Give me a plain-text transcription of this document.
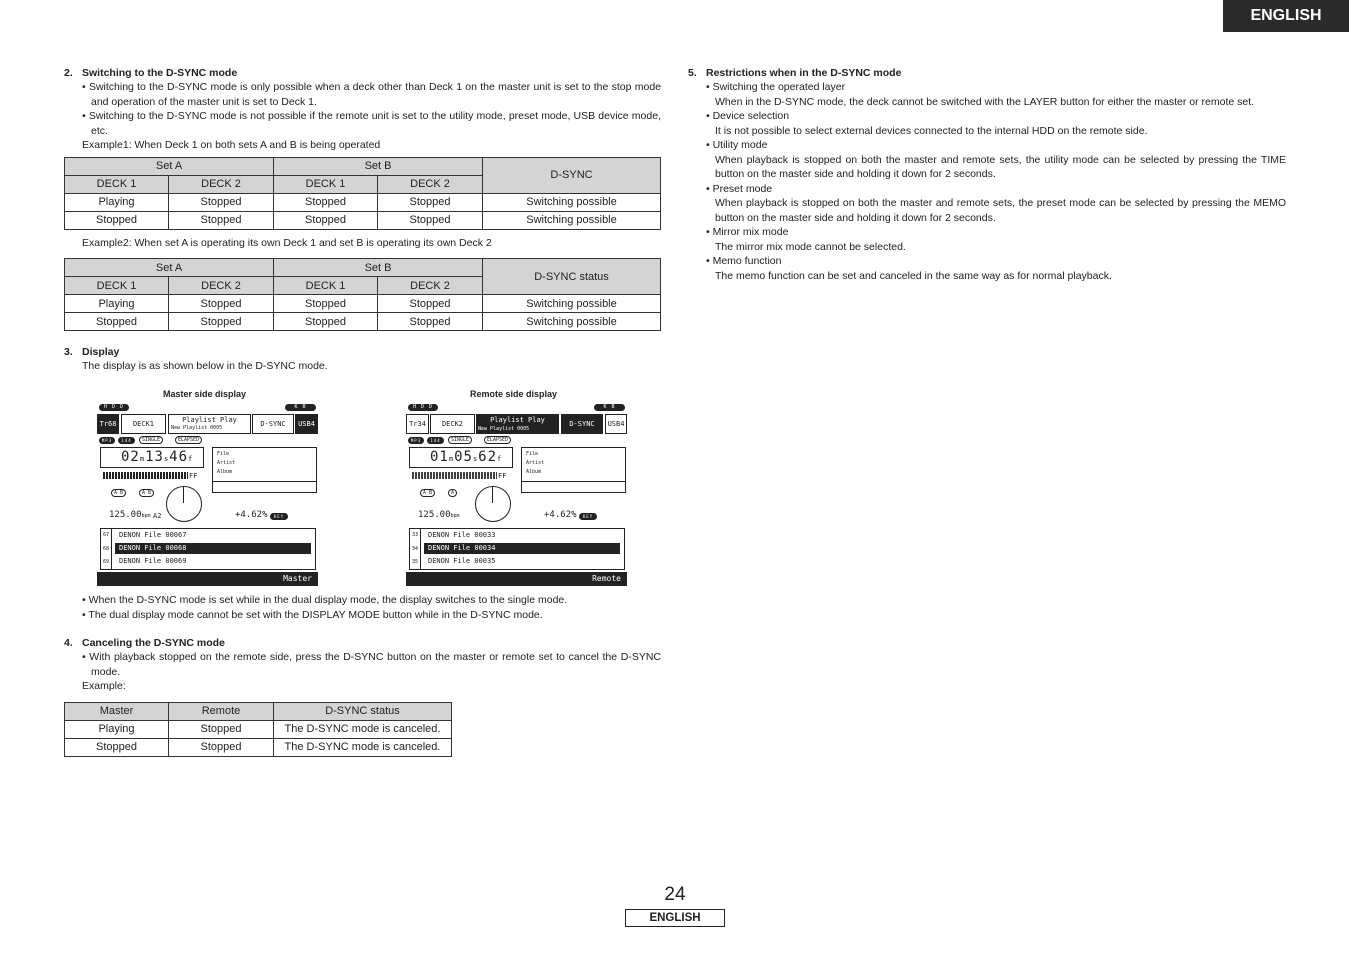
ENGLISH
2. Switching to the D-SYNC mode
• Switching to the D-SYNC mode is only possible when a deck other than Deck 1 on the master unit is set to the stop mode and operation of the master unit is set to Deck 1.
• Switching to the D-SYNC mode is not possible if the remote unit is set to the utility mode, preset mode, USB device mode, etc.
Example1: When Deck 1 on both sets A and B is being operated
Set A		Set B		D-SYNC
DECK 1	DECK 2	DECK 1	DECK 2	
Playing	Stopped	Stopped	Stopped	Switching possible
Stopped	Stopped	Stopped	Stopped	Switching possible
Example2: When set A is operating its own Deck 1 and set B is operating its own Deck 2
Set A		Set B		D-SYNC status
DECK 1	DECK 2	DECK 1	DECK 2	
Playing	Stopped	Stopped	Stopped	Switching possible
Stopped	Stopped	Stopped	Stopped	Switching possible
3. Display
The display is as shown below in the D-SYNC mode.
Master side display	Remote side display
H D D	K B
Tr68	DECK1	Playlist Play
New Playlist 0005	D-SYNC	USB4
MP3	144	SINGLE	ELAPSED
02m13s46f
FF
File
Artist
Album
A B	A B
125.00bpm A2	+4.62%	KEY
67
68
69
DENON File 00067
DENON File 00068
DENON File 00069
Master
H D D	K B
Tr34	DECK2	Playlist Play
New Playlist 0005
D-SYNC	USB4
MP3	144	SINGLE	ELAPSED
01m05s62f
FF
File
Artist
Album
A B	A
125.00bpm	+4.62%	KEY
33
34
35
DENON File 00033
DENON File 00034
DENON File 00035
Remote
• When the D-SYNC mode is set while in the dual display mode, the display switches to the single mode.
• The dual display mode cannot be set with the DISPLAY MODE button while in the D-SYNC mode.
4. Canceling the D-SYNC mode
• With playback stopped on the remote side, press the D-SYNC button on the master or remote set to cancel the D-SYNC mode.
Example:
Master	Remote	D-SYNC status
Playing	Stopped	The D-SYNC mode is canceled.
Stopped	Stopped	The D-SYNC mode is canceled.
5. Restrictions when in the D-SYNC mode
• Switching the operated layer
When in the D-SYNC mode, the deck cannot be switched with the LAYER button for either the master or remote set.
• Device selection
It is not possible to select external devices connected to the internal HDD on the remote side.
• Utility mode
When playback is stopped on both the master and remote sets, the utility mode can be selected by pressing the TIME button on the master side and holding it down for 2 seconds.
• Preset mode
When playback is stopped on both the master and remote sets, the preset mode can be selected by pressing the MEMO button on the master side and holding it down for 2 seconds.
• Mirror mix mode
The mirror mix mode cannot be selected.
• Memo function
The memo function can be set and canceled in the same way as for normal playback.
24
ENGLISH
